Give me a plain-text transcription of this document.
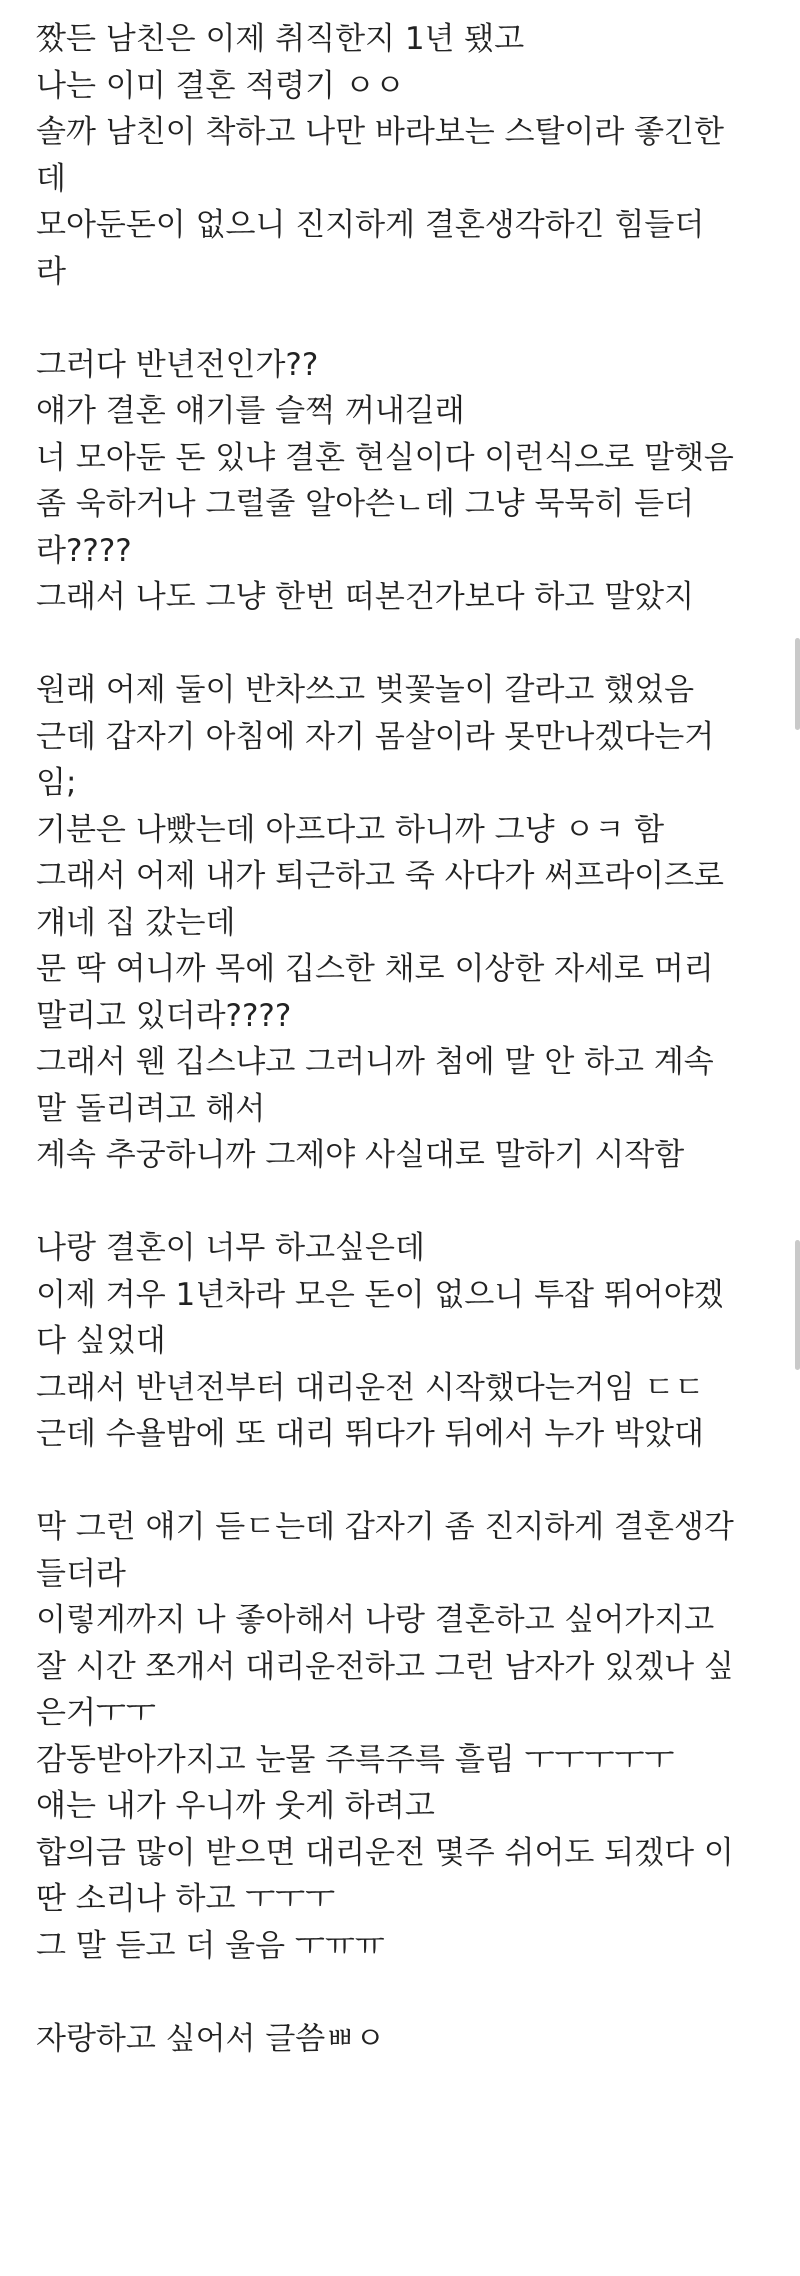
짰든 남친은 이제 취직한지 1년 됐고
나는 이미 결혼 적령기 ㅇㅇ
솔까 남친이 착하고 나만 바라보는 스탈이라 좋긴한
데
모아둔돈이 없으니 진지하게 결혼생각하긴 힘들더
라
그러다 반년전인가??
얘가 결혼 얘기를 슬쩍 꺼내길래
너 모아둔 돈 있냐 결혼 현실이다 이런식으로 말햇음
좀 욱하거나 그럴줄 알아쓴ㄴ데 그냥 묵묵히 듣더
라????
그래서 나도 그냥 한번 떠본건가보다 하고 말았지
원래 어제 둘이 반차쓰고 벚꽃놀이 갈라고 했었음
근데 갑자기 아침에 자기 몸살이라 못만나겠다는거
임;
기분은 나빴는데 아프다고 하니까 그냥 ㅇㅋ 함
그래서 어제 내가 퇴근하고 죽 사다가 써프라이즈로
걔네 집 갔는데
문 딱 여니까 목에 깁스한 채로 이상한 자세로 머리
말리고 있더라????
그래서 웬 깁스냐고 그러니까 첨에 말 안 하고 계속
말 돌리려고 해서
계속 추궁하니까 그제야 사실대로 말하기 시작함
나랑 결혼이 너무 하고싶은데
이제 겨우 1년차라 모은 돈이 없으니 투잡 뛰어야겠
다 싶었대
그래서 반년전부터 대리운전 시작했다는거임 ㄷㄷ
근데 수욜밤에 또 대리 뛰다가 뒤에서 누가 박았대
막 그런 얘기 듣ㄷ는데 갑자기 좀 진지하게 결혼생각
들더라
이렇게까지 나 좋아해서 나랑 결혼하고 싶어가지고
잘 시간 쪼개서 대리운전하고 그런 남자가 있겠나 싶
은거ㅜㅜ
감동받아가지고 눈물 주륵주륵 흘림 ㅜㅜㅜㅜㅜ
얘는 내가 우니까 웃게 하려고
합의금 많이 받으면 대리운전 몇주 쉬어도 되겠다 이
딴 소리나 하고 ㅜㅜㅜ
그 말 듣고 더 울음 ㅜㅠㅠ
자랑하고 싶어서 글씀ㅃㅇ
